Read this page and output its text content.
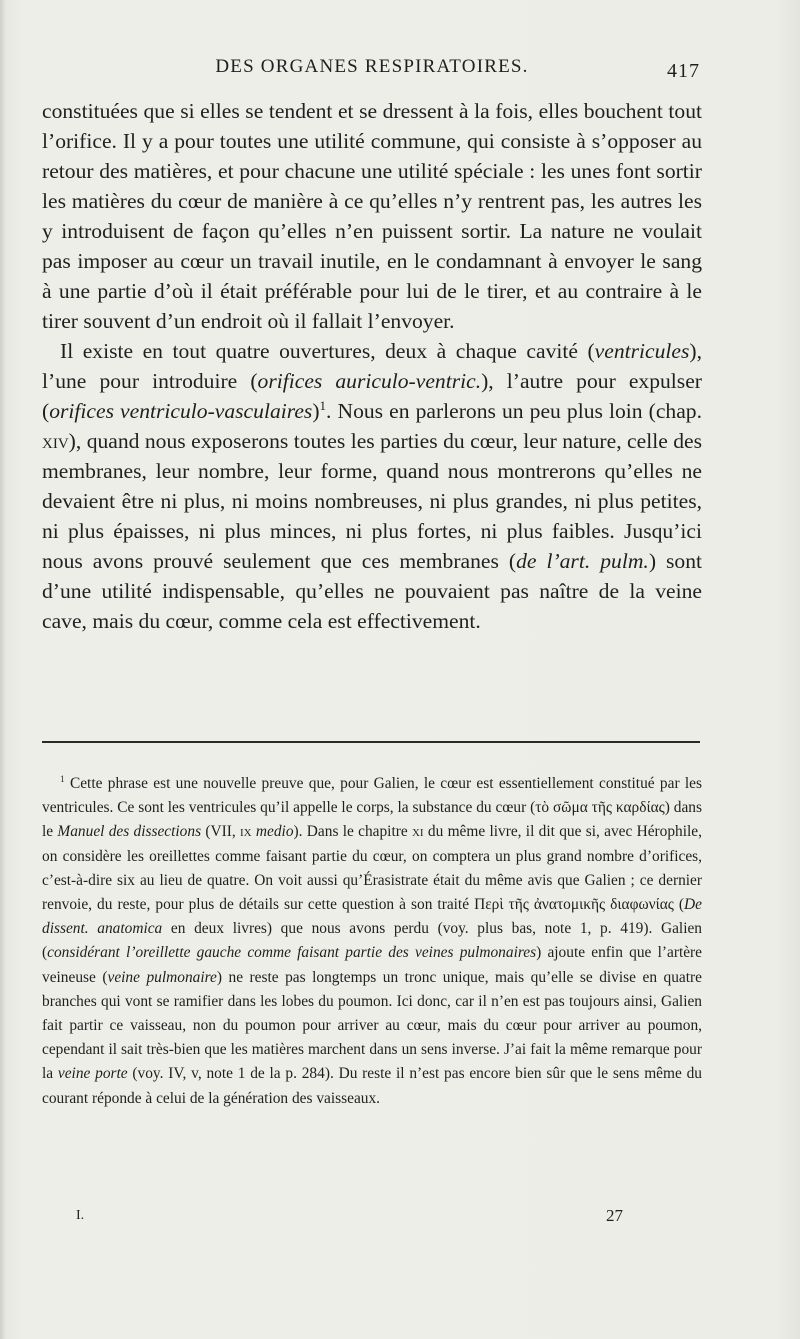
DES ORGANES RESPIRATOIRES.	417

constituées que si elles se tendent et se dressent à la fois, elles bouchent tout l’orifice. Il y a pour toutes une utilité commune, qui consiste à s’opposer au retour des matières, et pour chacune une utilité spéciale : les unes font sortir les matières du cœur de manière à ce qu’elles n’y rentrent pas, les autres les y introduisent de façon qu’elles n’en puissent sortir. La nature ne voulait pas imposer au cœur un travail inutile, en le condamnant à envoyer le sang à une partie d’où il était préférable pour lui de le tirer, et au contraire à le tirer souvent d’un endroit où il fallait l’envoyer.

Il existe en tout quatre ouvertures, deux à chaque cavité (ventricules), l’une pour introduire (orifices auriculo-ventric.), l’autre pour expulser (orifices ventriculo-vasculaires)$^1$. Nous en parlerons un peu plus loin (chap. xiv), quand nous exposerons toutes les parties du cœur, leur nature, celle des membranes, leur nombre, leur forme, quand nous montrerons qu’elles ne devaient être ni plus, ni moins nombreuses, ni plus grandes, ni plus petites, ni plus épaisses, ni plus minces, ni plus fortes, ni plus faibles. Jusqu’ici nous avons prouvé seulement que ces membranes (de l’art. pulm.) sont d’une utilité indispensable, qu’elles ne pouvaient pas naître de la veine cave, mais du cœur, comme cela est effectivement.

$^1$ Cette phrase est une nouvelle preuve que, pour Galien, le cœur est essentiellement constitué par les ventricules. Ce sont les ventricules qu’il appelle le corps, la substance du cœur (τὸ σῶμα τῆς καρδίας) dans le Manuel des dissections (VII, ix medio). Dans le chapitre xi du même livre, il dit que si, avec Hérophile, on considère les oreillettes comme faisant partie du cœur, on comptera un plus grand nombre d’orifices, c’est-à-dire six au lieu de quatre. On voit aussi qu’Érasistrate était du même avis que Galien ; ce dernier renvoie, du reste, pour plus de détails sur cette question à son traité Περὶ τῆς ἀνατομικῆς διαφωνίας (De dissent. anatomica en deux livres) que nous avons perdu (voy. plus bas, note 1, p. 419). Galien (considérant l’oreillette gauche comme faisant partie des veines pulmonaires) ajoute enfin que l’artère veineuse (veine pulmonaire) ne reste pas longtemps un tronc unique, mais qu’elle se divise en quatre branches qui vont se ramifier dans les lobes du poumon. Ici donc, car il n’en est pas toujours ainsi, Galien fait partir ce vaisseau, non du poumon pour arriver au cœur, mais du cœur pour arriver au poumon, cependant il sait très-bien que les matières marchent dans un sens inverse. J’ai fait la même remarque pour la veine porte (voy. IV, v, note 1 de la p. 284). Du reste il n’est pas encore bien sûr que le sens même du courant réponde à celui de la génération des vaisseaux.

I.	27
